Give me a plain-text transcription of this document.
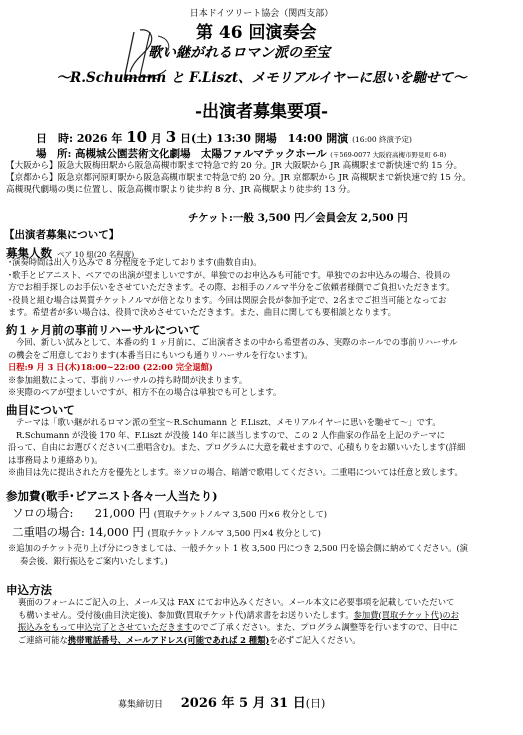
日本ドイツリート協会（関西支部）
第 46 回演奏会
歌い継がれるロマン派の至宝
～R.Schumann と F.Liszt、メモリアルイヤーに思いを馳せて～
-出演者募集要項-
日　時: 2026 年 10 月 3 日(土) 13:30 開場　14:00 開演 (16:00 終演予定)
場　所: 高槻城公園芸術文化劇場　太陽ファルマテックホール (〒569-0077 大阪府高槻市野見町 6-8)
【大阪から】阪急大阪梅田駅から阪急高槻市駅まで特急で約 20 分。JR 大阪駅から JR 高槻駅まで新快速で約 15 分。
【京都から】阪急京都河原町駅から阪急高槻市駅まで特急で約 20 分。JR 京都駅から JR 高槻駅まで新快速で約 15 分。
高槻現代劇場の奥に位置し、阪急高槻市駅より徒歩約 8 分、JR 高槻駅より徒歩約 13 分。
チケット:一般 3,500 円／会員会友 2,500 円
【出演者募集について】
募集人数 ペア 10 組(20 名程度)
･演奏時間は出入り込みで 8 分程度を予定しております(曲数自由)。
･歌手とピアニスト、ペアでの出演が望ましいですが、単独でのお申込みも可能です。単独でのお申込みの場合、役員の
方でお相手探しのお手伝いをさせていただきます。その際、お相手のノルマ半分をご依頼者様側でご負担いただきます。
･役員と組む場合は異質チケットノルマが倍となります。今回は関原会長が参加予定で、2名までご担当可能となってお
ます。希望者が多い場合は、役員で決めさせていただきます。また、曲目に関しても要相談となります。
約１ヶ月前の事前リハーサルについて
今回、新しい試みとして、本番の約 1 ヶ月前に、ご出演者さまの中から希望者のみ、実際のホールでの事前リハーサル
の機会をご用意しております(本番当日にもいつも通りリハーサルを行ないます)。
日程:9 月 3 日(木)18:00~22:00 (22:00 完全退館)
※参加組数によって、事前リハーサルの持ち時間が決まります。
※実際のペアが望ましいですが、相方不在の場合は単独でも可とします。
曲目について
テーマは「歌い継がれるロマン派の至宝～R.Schumann と F.Liszt、メモリアルイヤーに思いを馳せて～」です。
R.Schumann が没後 170 年、F.Liszt が没後 140 年に該当しますので、この 2 人作曲家の作品を上記のテーマに
沿って、自由にお選びください(二重唱含む)。また、プログラムに大意を載せますので、心積もりをお願いいたします(詳細
は事務局より連絡あり)。
※曲目は先に提出された方を優先とします。※ソロの場合、暗譜で歌唱してください。二重唱については任意と致します。
参加費(歌手･ピアニスト各々一人当たり)
ソロの場合: 21,000 円 (買取チケットノルマ 3,500 円×6 枚分として)
二重唱の場合: 14,000 円 (買取チケットノルマ 3,500 円×4 枚分として)
※追加のチケット売り上げ分につきましては、一般チケット 1 枚 3,500 円につき 2,500 円を協会側に納めてください。(演
奏会後、銀行振込をご案内いたします。)
申込方法
裏面のフォームにご記入の上、メール又は FAX にてお申込みください。メール本文に必要事項を記載していただいて
も構いません。受付後(曲目決定後)、参加費(買取チケット代)請求書をお送りいたします。参加費(買取チケット代)のお
振込みをもって申込完了とさせていただきますのでご了承ください。また、プログラム調整等を行いますので、日中に
ご連絡可能な携帯電話番号、メールアドレス(可能であれば 2 種類)を必ずご記入ください。
募集締切日 2026 年 5 月 31 日(日)
